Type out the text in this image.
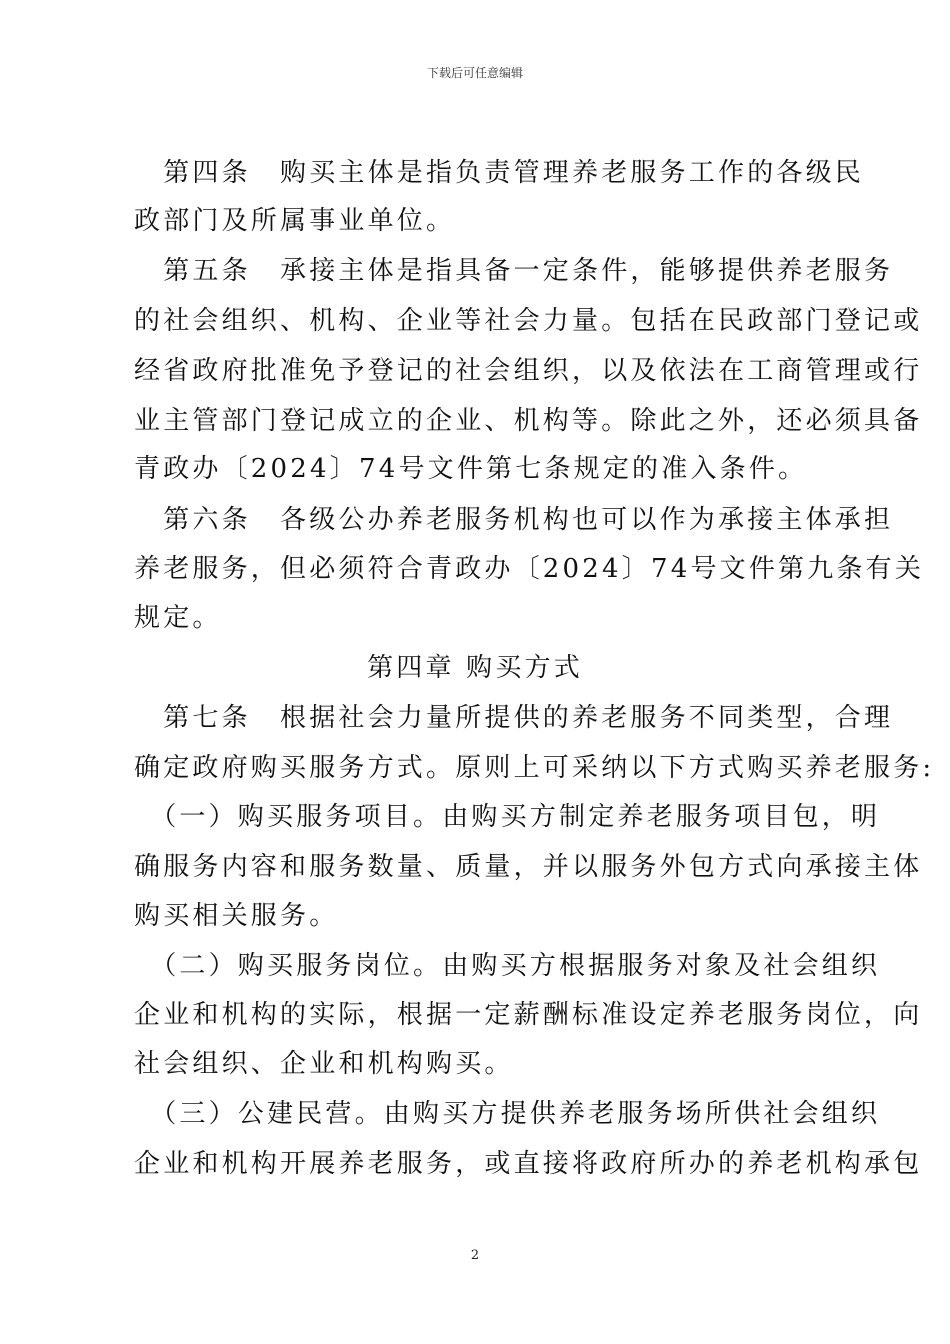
下载后可任意编辑
　第四条　购买主体是指负责管理养老服务工作的各级民
政部门及所属事业单位。
　第五条　承接主体是指具备一定条件，能够提供养老服务
的社会组织、机构、企业等社会力量。包括在民政部门登记或
经省政府批准免予登记的社会组织，以及依法在工商管理或行
业主管部门登记成立的企业、机构等。除此之外，还必须具备
青政办〔2024〕74号文件第七条规定的准入条件。
　第六条　各级公办养老服务机构也可以作为承接主体承担
养老服务，但必须符合青政办〔2024〕74号文件第九条有关
规定。
第四章 购买方式
　第七条　根据社会力量所提供的养老服务不同类型，合理
确定政府购买服务方式。原则上可采纳以下方式购买养老服务:
　（一）购买服务项目。由购买方制定养老服务项目包，明
确服务内容和服务数量、质量，并以服务外包方式向承接主体
购买相关服务。
　（二）购买服务岗位。由购买方根据服务对象及社会组织
企业和机构的实际，根据一定薪酬标准设定养老服务岗位，向
社会组织、企业和机构购买。
　（三）公建民营。由购买方提供养老服务场所供社会组织
企业和机构开展养老服务，或直接将政府所办的养老机构承包
2
